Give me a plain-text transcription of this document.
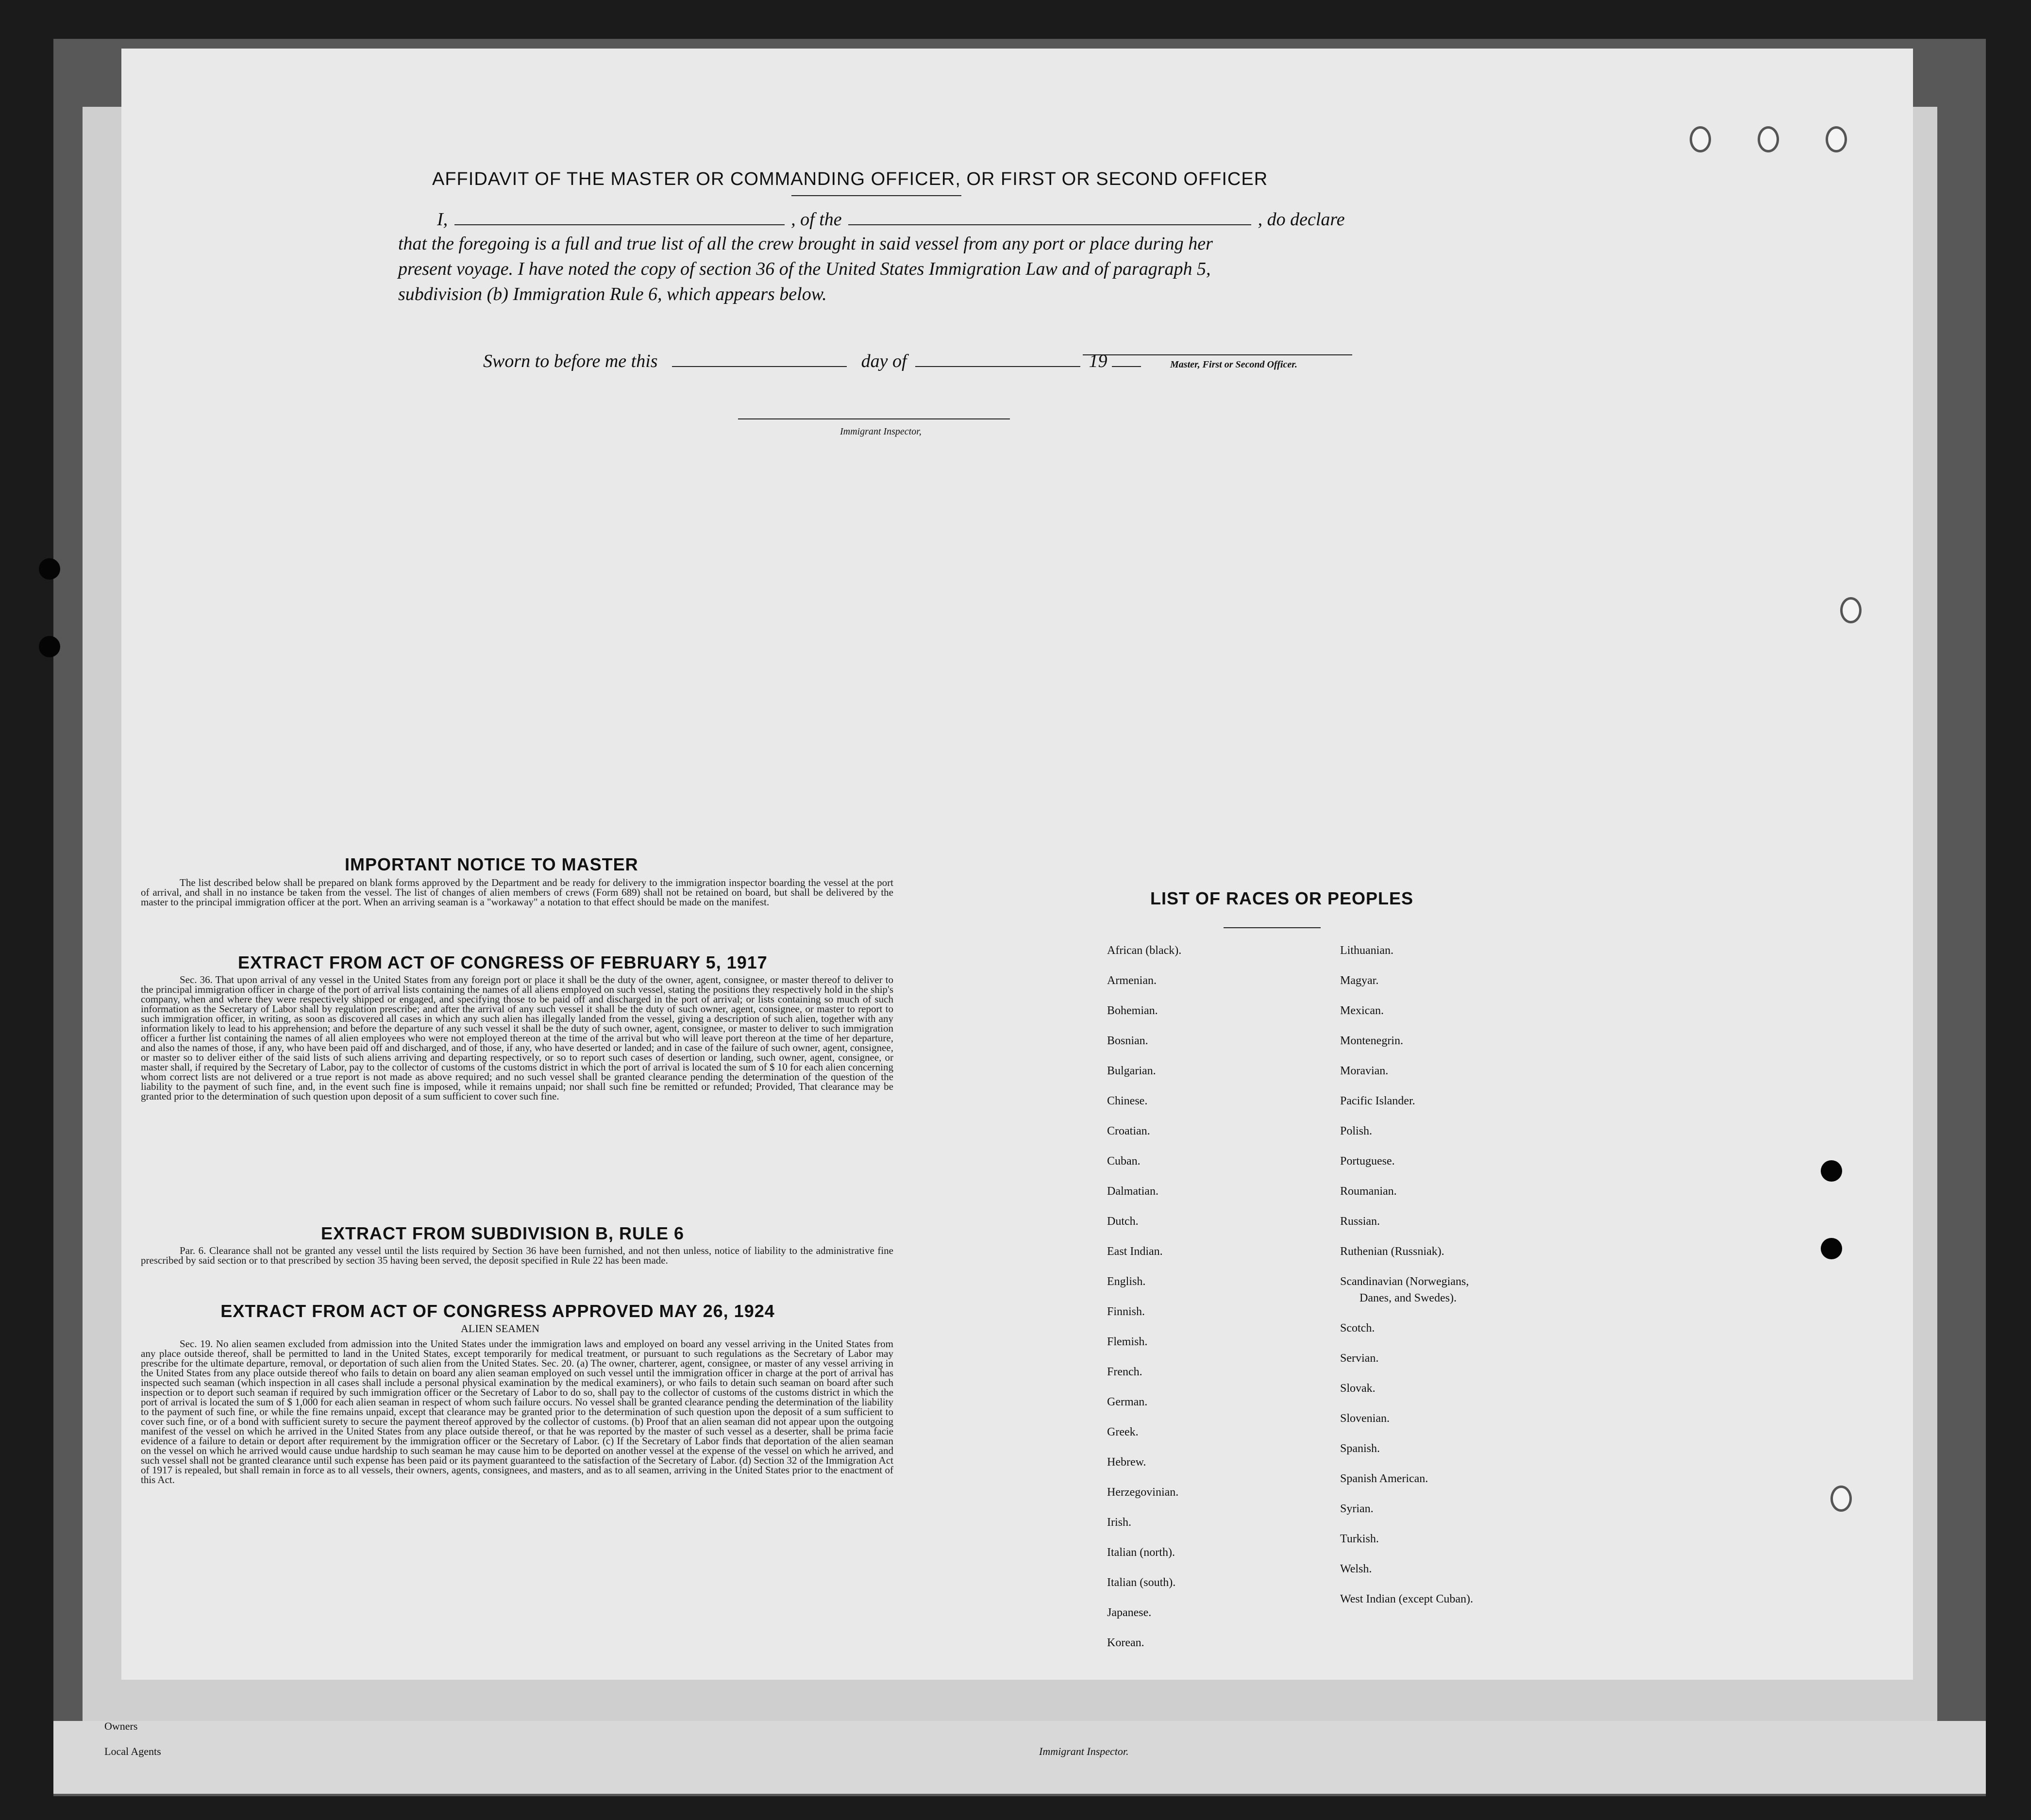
Owners
Local Agents	Immigrant Inspector.
AFFIDAVIT OF THE MASTER OR COMMANDING OFFICER, OR FIRST OR SECOND OFFICER
I,	, of the	, do declare
that the foregoing is a full and true list of all the crew brought in said vessel from any port or place during her
present voyage. I have noted the copy of section 36 of the United States Immigration Law and of paragraph 5,
subdivision (b) Immigration Rule 6, which appears below.
Master, First or Second Officer.
Sworn to before me this	day of	19
Immigrant Inspector,
IMPORTANT NOTICE TO MASTER
The list described below shall be prepared on blank forms approved by the Department and be ready for delivery to the immigration inspector boarding the vessel at the port of arrival, and shall in no instance be taken from the vessel. The list of changes of alien members of crews (Form 689) shall not be retained on board, but shall be delivered by the master to the principal immigration officer at the port. When an arriving seaman is a "workaway" a notation to that effect should be made on the manifest.
EXTRACT FROM ACT OF CONGRESS OF FEBRUARY 5, 1917
Sec. 36. That upon arrival of any vessel in the United States from any foreign port or place it shall be the duty of the owner, agent, consignee, or master thereof to deliver to the principal immigration officer in charge of the port of arrival lists containing the names of all aliens employed on such vessel, stating the positions they respectively hold in the ship's company, when and where they were respectively shipped or engaged, and specifying those to be paid off and discharged in the port of arrival; or lists containing so much of such information as the Secretary of Labor shall by regulation prescribe; and after the arrival of any such vessel it shall be the duty of such owner, agent, consignee, or master to report to such immigration officer, in writing, as soon as discovered all cases in which any such alien has illegally landed from the vessel, giving a description of such alien, together with any information likely to lead to his apprehension; and before the departure of any such vessel it shall be the duty of such owner, agent, consignee, or master to deliver to such immigration officer a further list containing the names of all alien employees who were not employed thereon at the time of the arrival but who will leave port thereon at the time of her departure, and also the names of those, if any, who have been paid off and discharged, and of those, if any, who have deserted or landed; and in case of the failure of such owner, agent, consignee, or master so to deliver either of the said lists of such aliens arriving and departing respectively, or so to report such cases of desertion or landing, such owner, agent, consignee, or master shall, if required by the Secretary of Labor, pay to the collector of customs of the customs district in which the port of arrival is located the sum of $ 10 for each alien concerning whom correct lists are not delivered or a true report is not made as above required; and no such vessel shall be granted clearance pending the determination of the question of the liability to the payment of such fine, and, in the event such fine is imposed, while it remains unpaid; nor shall such fine be remitted or refunded; Provided, That clearance may be granted prior to the determination of such question upon deposit of a sum sufficient to cover such fine.
EXTRACT FROM SUBDIVISION B, RULE 6
Par. 6. Clearance shall not be granted any vessel until the lists required by Section 36 have been furnished, and not then unless, notice of liability to the administrative fine prescribed by said section or to that prescribed by section 35 having been served, the deposit specified in Rule 22 has been made.
EXTRACT FROM ACT OF CONGRESS APPROVED MAY 26, 1924
ALIEN SEAMEN
Sec. 19. No alien seamen excluded from admission into the United States under the immigration laws and employed on board any vessel arriving in the United States from any place outside thereof, shall be permitted to land in the United States, except temporarily for medical treatment, or pursuant to such regulations as the Secretary of Labor may prescribe for the ultimate departure, removal, or deportation of such alien from the United States. Sec. 20. (a) The owner, charterer, agent, consignee, or master of any vessel arriving in the United States from any place outside thereof who fails to detain on board any alien seaman employed on such vessel until the immigration officer in charge at the port of arrival has inspected such seaman (which inspection in all cases shall include a personal physical examination by the medical examiners), or who fails to detain such seaman on board after such inspection or to deport such seaman if required by such immigration officer or the Secretary of Labor to do so, shall pay to the collector of customs of the customs district in which the port of arrival is located the sum of $ 1,000 for each alien seaman in respect of whom such failure occurs. No vessel shall be granted clearance pending the determination of the liability to the payment of such fine, or while the fine remains unpaid, except that clearance may be granted prior to the determination of such question upon the deposit of a sum sufficient to cover such fine, or of a bond with sufficient surety to secure the payment thereof approved by the collector of customs. (b) Proof that an alien seaman did not appear upon the outgoing manifest of the vessel on which he arrived in the United States from any place outside thereof, or that he was reported by the master of such vessel as a deserter, shall be prima facie evidence of a failure to detain or deport after requirement by the immigration officer or the Secretary of Labor. (c) If the Secretary of Labor finds that deportation of the alien seaman on the vessel on which he arrived would cause undue hardship to such seaman he may cause him to be deported on another vessel at the expense of the vessel on which he arrived, and such vessel shall not be granted clearance until such expense has been paid or its payment guaranteed to the satisfaction of the Secretary of Labor. (d) Section 32 of the Immigration Act of 1917 is repealed, but shall remain in force as to all vessels, their owners, agents, consignees, and masters, and as to all seamen, arriving in the United States prior to the enactment of this Act.
LIST OF RACES OR PEOPLES
African (black).
Armenian.
Bohemian.
Bosnian.
Bulgarian.
Chinese.
Croatian.
Cuban.
Dalmatian.
Dutch.
East Indian.
English.
Finnish.
Flemish.
French.
German.
Greek.
Hebrew.
Herzegovinian.
Irish.
Italian (north).
Italian (south).
Japanese.
Korean.
Lithuanian.
Magyar.
Mexican.
Montenegrin.
Moravian.
Pacific Islander.
Polish.
Portuguese.
Roumanian.
Russian.
Ruthenian (Russniak).
Scandinavian (Norwegians,
Danes, and Swedes).
Scotch.
Servian.
Slovak.
Slovenian.
Spanish.
Spanish American.
Syrian.
Turkish.
Welsh.
West Indian (except Cuban).
